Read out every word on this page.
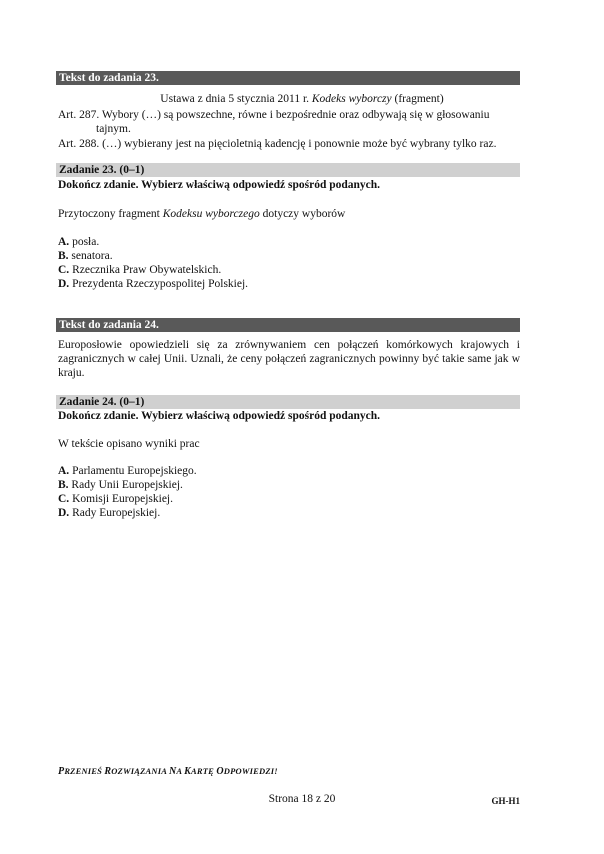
Tekst do zadania 23.
Ustawa z dnia 5 stycznia 2011 r. Kodeks wyborczy (fragment)
Art. 287. Wybory (…) są powszechne, równe i bezpośrednie oraz odbywają się w głosowaniu
tajnym.
Art. 288. (…) wybierany jest na pięcioletnią kadencję i ponownie może być wybrany tylko raz.
Zadanie 23. (0–1)
Dokończ zdanie. Wybierz właściwą odpowiedź spośród podanych.
Przytoczony fragment Kodeksu wyborczego dotyczy wyborów
A. posła.
B. senatora.
C. Rzecznika Praw Obywatelskich.
D. Prezydenta Rzeczypospolitej Polskiej.
Tekst do zadania 24.
Europosłowie opowiedzieli się za zrównywaniem cen połączeń komórkowych krajowych i zagranicznych w całej Unii. Uznali, że ceny połączeń zagranicznych powinny być takie same jak w kraju.
Zadanie 24. (0–1)
Dokończ zdanie. Wybierz właściwą odpowiedź spośród podanych.
W tekście opisano wyniki prac
A. Parlamentu Europejskiego.
B. Rady Unii Europejskiej.
C. Komisji Europejskiej.
D. Rady Europejskiej.
PRZENIEŚ ROZWIĄZANIA NA KARTĘ ODPOWIEDZI!
Strona 18 z 20	GH-H1
